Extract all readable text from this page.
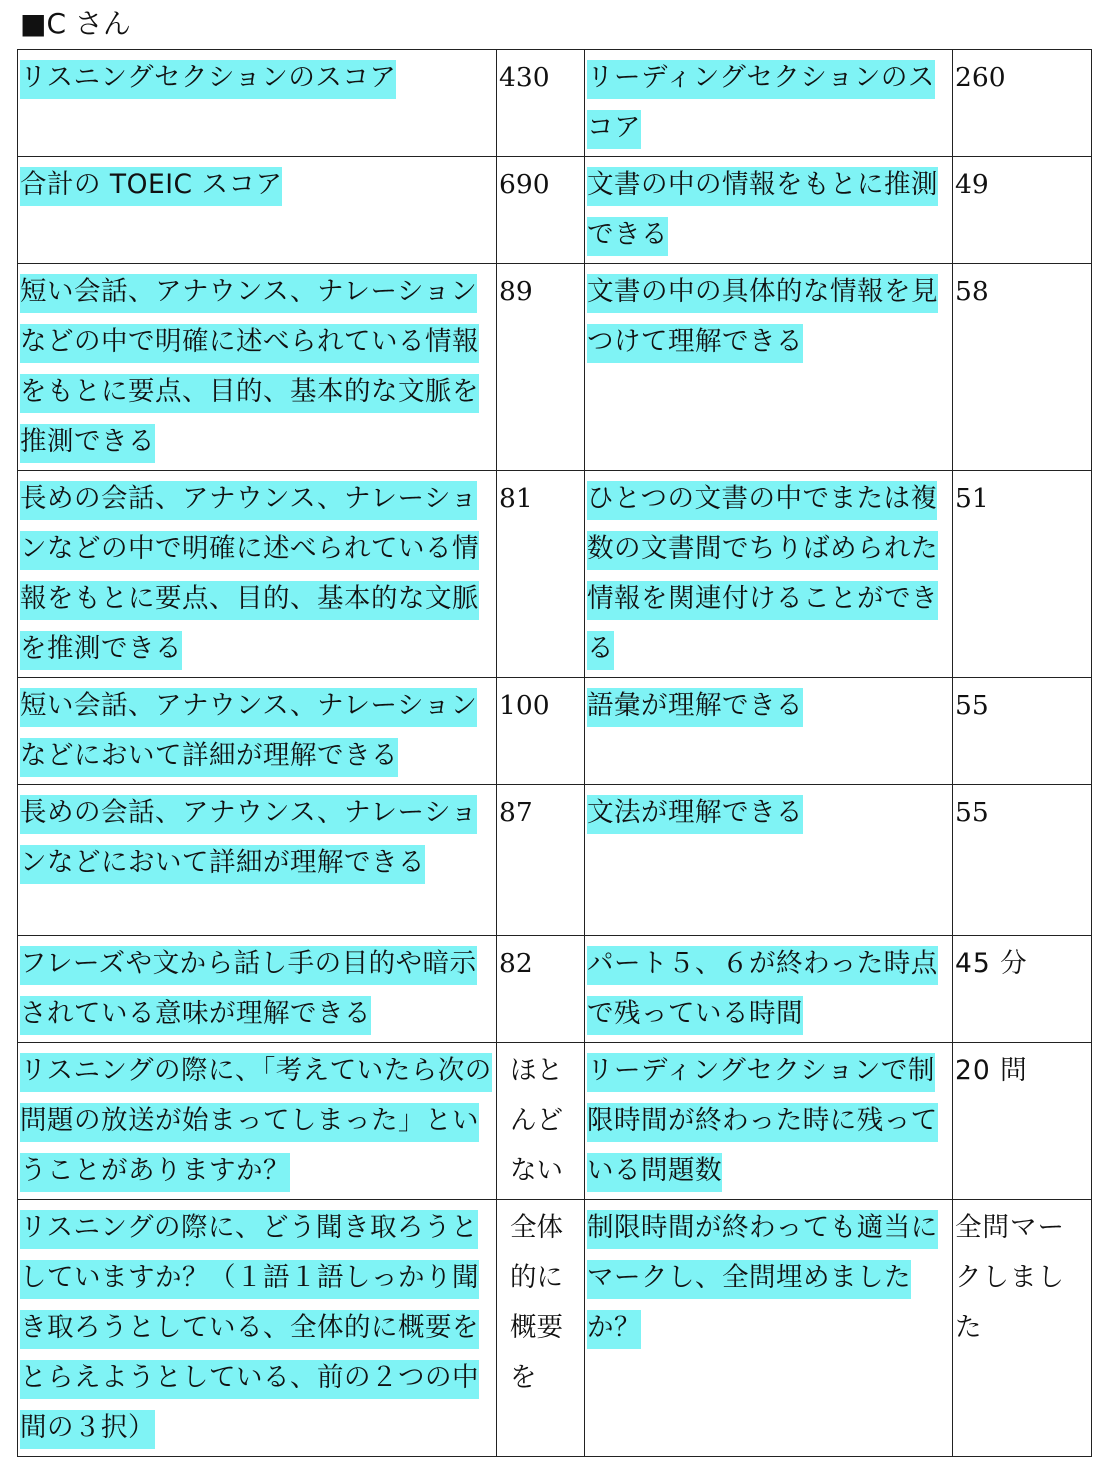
■C さん
リスニングセクションのスコア	430	リーディングセクションのスコア	260
合計の TOEIC スコア	690	文書の中の情報をもとに推測できる	49
短い会話、アナウンス、ナレーションなどの中で明確に述べられている情報をもとに要点、目的、基本的な文脈を推測できる	89	文書の中の具体的な情報を見つけて理解できる	58
長めの会話、アナウンス、ナレーションなどの中で明確に述べられている情報をもとに要点、目的、基本的な文脈を推測できる	81	ひとつの文書の中でまたは複数の文書間でちりばめられた情報を関連付けることができる	51
短い会話、アナウンス、ナレーションなどにおいて詳細が理解できる	100	語彙が理解できる	55
長めの会話、アナウンス、ナレーションなどにおいて詳細が理解できる	87	文法が理解できる	55
フレーズや文から話し手の目的や暗示されている意味が理解できる	82	パート５、６が終わった時点で残っている時間	45 分
リスニングの際に、「考えていたら次の問題の放送が始まってしまった」ということがありますか？	ほとんどない	リーディングセクションで制限時間が終わった時に残っている問題数	20 問
リスニングの際に、どう聞き取ろうとしていますか？（１語１語しっかり聞き取ろうとしている、全体的に概要をとらえようとしている、前の２つの中間の３択）	全体的に概要を	制限時間が終わっても適当にマークし、全問埋めましたか？	全問マークしました
